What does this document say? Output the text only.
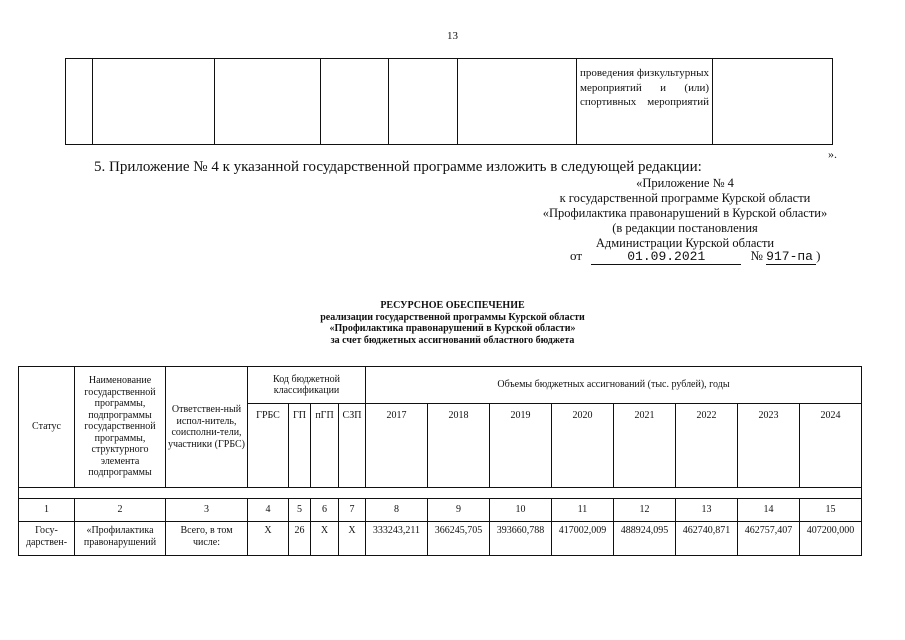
13

проведения физкультурных мероприятий и (или) спортивных мероприятий

».
5. Приложение № 4 к указанной государственной программе изложить в следующей редакции:
«Приложение № 4
к государственной программе Курской области
«Профилактика правонарушений в Курской области»
(в редакции постановления
Администрации Курской области
от	01.09.2021	№ 917-па )
РЕСУРСНОЕ ОБЕСПЕЧЕНИЕ
реализации государственной программы Курской области
«Профилактика правонарушений в Курской области»
за счет бюджетных ассигнований областного бюджета
Статус	Наименование государственной программы, подпрограммы государственной программы, структурного элемента подпрограммы	Ответствен-ный испол-нитель, соисполни-тели, участники (ГРБС)	Код бюджетной классификации				Объемы бюджетных ассигнований (тыс. рублей), годы							
			ГРБС	ГП	пГП	СЗП	2017	2018	2019	2020	2021	2022	2023	2024

1	2	3	4	5	6	7	8	9	10	11	12	13	14	15
Госу-дарствен-	«Профилактика правонарушений	Всего, в том числе:	Х	26	Х	Х	333243,211	366245,705	393660,788	417002,009	488924,095	462740,871	462757,407	407200,000
